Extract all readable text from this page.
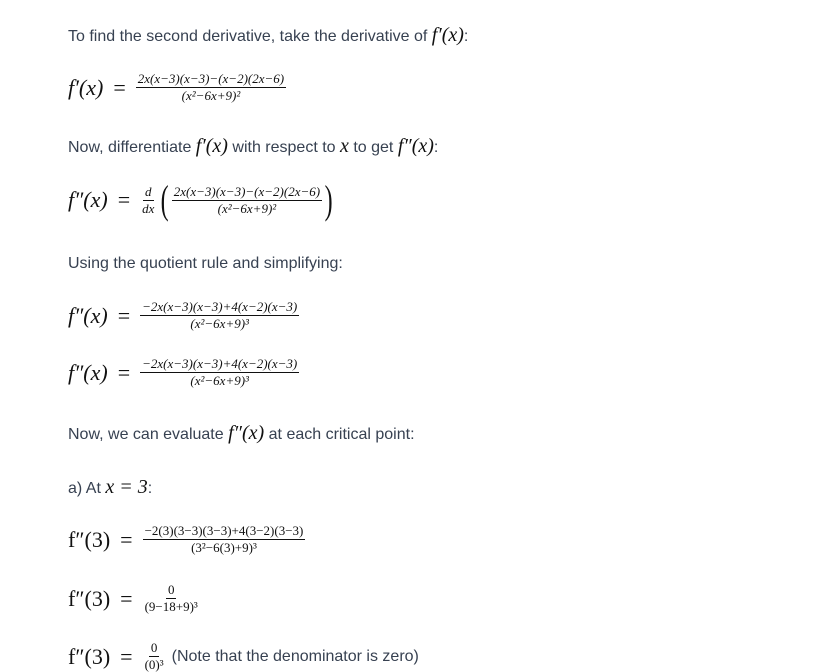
To find the second derivative, take the derivative of f′(x):
$f'(x) = \frac{2x(x-3)(x-3)-(x-2)(2x-6)}{\text{(x²−6x+9)²}}$
Now, differentiate f′(x) with respect to x to get f″(x):
$f''(x) = \frac{d}{dx}$ ( $\frac{2x(x-3)(x-3)-(x-2)(2x-6)}{\text{(x²−6x+9)²}}$ )
Using the quotient rule and simplifying:
$f''(x) = \frac{-2x(x-3)(x-3)+4(x-2)(x-3)}{\text{(x²−6x+9)³}}$
$f''(x) = \frac{-2x(x-3)(x-3)+4(x-2)(x-3)}{\text{(x²−6x+9)³}}$
Now, we can evaluate f″(x) at each critical point:
a) At x = 3:
$f''(3) = \frac{-2(3)(3-3)(3-3)+4(3-2)(3-3)}{\text{(3²−6(3)+9)³}}$
$f''(3) = \frac{0}{\text{(9−18+9)³}}$
$f''(3) = \frac{0}{\text{(0)³}}$ (Note that the denominator is zero)
